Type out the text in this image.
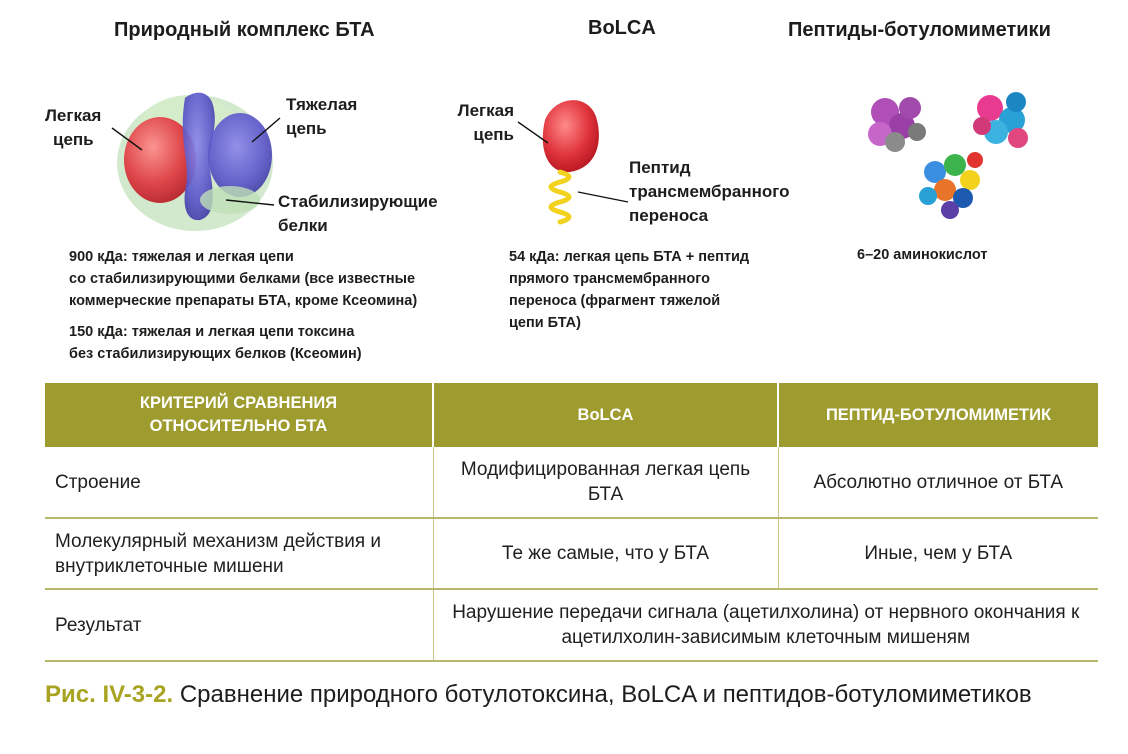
Природный комплекс БТА	BoLCA	Пептиды-ботуломиметики
Легкая
цепь
Тяжелая
цепь
Стабилизирующие
белки
900 кДа: тяжелая и легкая цепи
со стабилизирующими белками (все известные
коммерческие препараты БТА, кроме Ксеомина)
150 кДа: тяжелая и легкая цепи токсина
без стабилизирующих белков (Ксеомин)
Легкая
цепь
Пептид
трансмембранного
переноса
54 кДа: легкая цепь БТА + пептид
прямого трансмембранного
переноса (фрагмент тяжелой
цепи БТА)
6–20 аминокислот
КРИТЕРИЙ СРАВНЕНИЯ ОТНОСИТЕЛЬНО БТА	BoLCA	ПЕПТИД-БОТУЛОМИМЕТИК
Строение	Модифицированная легкая цепь БТА	Абсолютно отличное от БТА
Молекулярный механизм действия и внутриклеточные мишени	Те же самые, что у БТА	Иные, чем у БТА
Результат	Нарушение передачи сигнала (ацетилхолина) от нервного окончания к ацетилхолин-зависимым клеточным мишеням	
Рис. IV-3-2. Сравнение природного ботулотоксина, BoLCA и пептидов-ботуломиметиков
